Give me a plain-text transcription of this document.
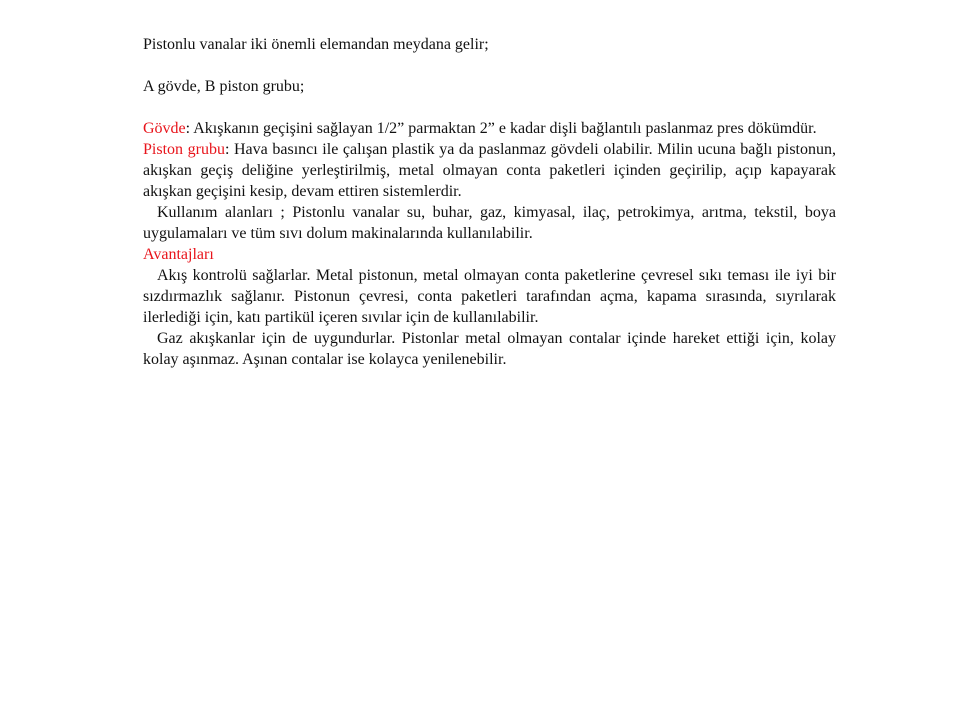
Pistonlu vanalar iki önemli elemandan meydana gelir;

A gövde, B piston grubu;

Gövde: Akışkanın geçişini sağlayan 1/2” parmaktan 2” e kadar dişli bağlantılı paslanmaz pres dökümdür.

Piston grubu: Hava basıncı ile çalışan plastik ya da paslanmaz gövdeli olabilir. Milin ucuna bağlı pistonun, akışkan geçiş deliğine yerleştirilmiş, metal olmayan conta paketleri içinden geçirilip, açıp kapayarak akışkan geçişini kesip, devam ettiren sistemlerdir.

Kullanım alanları ; Pistonlu vanalar su, buhar, gaz, kimyasal, ilaç, petrokimya, arıtma, tekstil, boya uygulamaları ve tüm sıvı dolum makinalarında kullanılabilir.

Avantajları

Akış kontrolü sağlarlar. Metal pistonun, metal olmayan conta paketlerine çevresel sıkı teması ile iyi bir sızdırmazlık sağlanır. Pistonun çevresi, conta paketleri tarafından açma, kapama sırasında, sıyrılarak ilerlediği için, katı partikül içeren sıvılar için de kullanılabilir.

Gaz akışkanlar için de uygundurlar. Pistonlar metal olmayan contalar içinde hareket ettiği için, kolay kolay aşınmaz. Aşınan contalar ise kolayca yenilenebilir.
